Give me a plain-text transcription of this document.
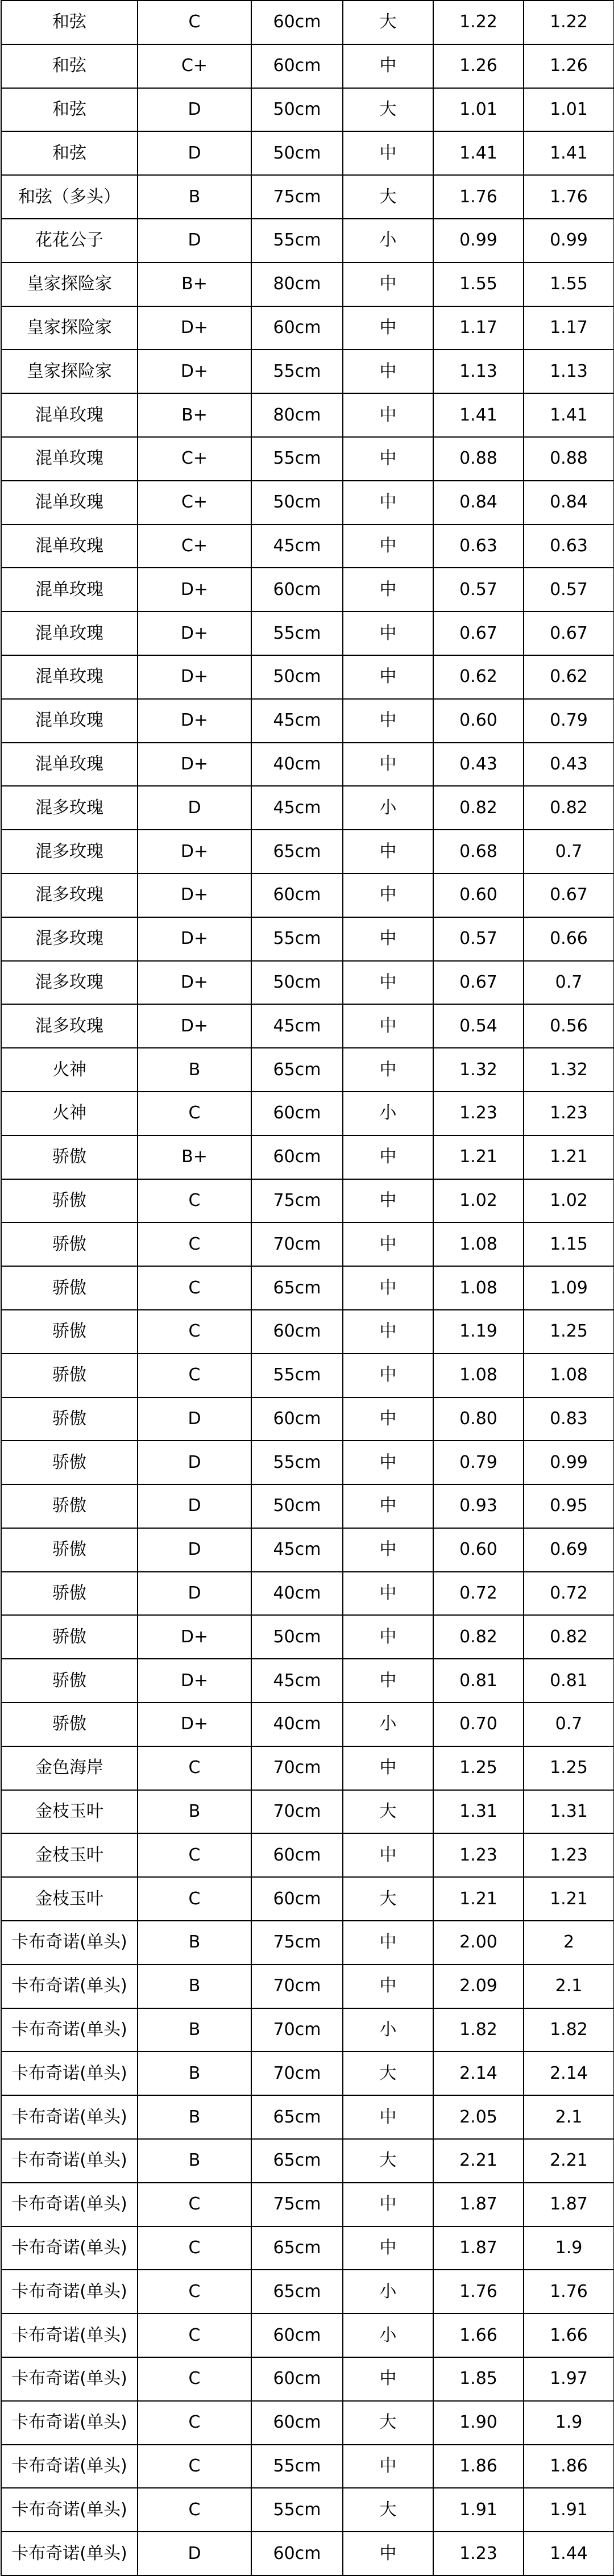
和弦	C	60cm	大	1.22	1.22
和弦	C+	60cm	中	1.26	1.26
和弦	D	50cm	大	1.01	1.01
和弦	D	50cm	中	1.41	1.41
和弦（多头）	B	75cm	大	1.76	1.76
花花公子	D	55cm	小	0.99	0.99
皇家探险家	B+	80cm	中	1.55	1.55
皇家探险家	D+	60cm	中	1.17	1.17
皇家探险家	D+	55cm	中	1.13	1.13
混单玫瑰	B+	80cm	中	1.41	1.41
混单玫瑰	C+	55cm	中	0.88	0.88
混单玫瑰	C+	50cm	中	0.84	0.84
混单玫瑰	C+	45cm	中	0.63	0.63
混单玫瑰	D+	60cm	中	0.57	0.57
混单玫瑰	D+	55cm	中	0.67	0.67
混单玫瑰	D+	50cm	中	0.62	0.62
混单玫瑰	D+	45cm	中	0.60	0.79
混单玫瑰	D+	40cm	中	0.43	0.43
混多玫瑰	D	45cm	小	0.82	0.82
混多玫瑰	D+	65cm	中	0.68	0.7
混多玫瑰	D+	60cm	中	0.60	0.67
混多玫瑰	D+	55cm	中	0.57	0.66
混多玫瑰	D+	50cm	中	0.67	0.7
混多玫瑰	D+	45cm	中	0.54	0.56
火神	B	65cm	中	1.32	1.32
火神	C	60cm	小	1.23	1.23
骄傲	B+	60cm	中	1.21	1.21
骄傲	C	75cm	中	1.02	1.02
骄傲	C	70cm	中	1.08	1.15
骄傲	C	65cm	中	1.08	1.09
骄傲	C	60cm	中	1.19	1.25
骄傲	C	55cm	中	1.08	1.08
骄傲	D	60cm	中	0.80	0.83
骄傲	D	55cm	中	0.79	0.99
骄傲	D	50cm	中	0.93	0.95
骄傲	D	45cm	中	0.60	0.69
骄傲	D	40cm	中	0.72	0.72
骄傲	D+	50cm	中	0.82	0.82
骄傲	D+	45cm	中	0.81	0.81
骄傲	D+	40cm	小	0.70	0.7
金色海岸	C	70cm	中	1.25	1.25
金枝玉叶	B	70cm	大	1.31	1.31
金枝玉叶	C	60cm	中	1.23	1.23
金枝玉叶	C	60cm	大	1.21	1.21
卡布奇诺(单头)	B	75cm	中	2.00	2
卡布奇诺(单头)	B	70cm	中	2.09	2.1
卡布奇诺(单头)	B	70cm	小	1.82	1.82
卡布奇诺(单头)	B	70cm	大	2.14	2.14
卡布奇诺(单头)	B	65cm	中	2.05	2.1
卡布奇诺(单头)	B	65cm	大	2.21	2.21
卡布奇诺(单头)	C	75cm	中	1.87	1.87
卡布奇诺(单头)	C	65cm	中	1.87	1.9
卡布奇诺(单头)	C	65cm	小	1.76	1.76
卡布奇诺(单头)	C	60cm	小	1.66	1.66
卡布奇诺(单头)	C	60cm	中	1.85	1.97
卡布奇诺(单头)	C	60cm	大	1.90	1.9
卡布奇诺(单头)	C	55cm	中	1.86	1.86
卡布奇诺(单头)	C	55cm	大	1.91	1.91
卡布奇诺(单头)	D	60cm	中	1.23	1.44
